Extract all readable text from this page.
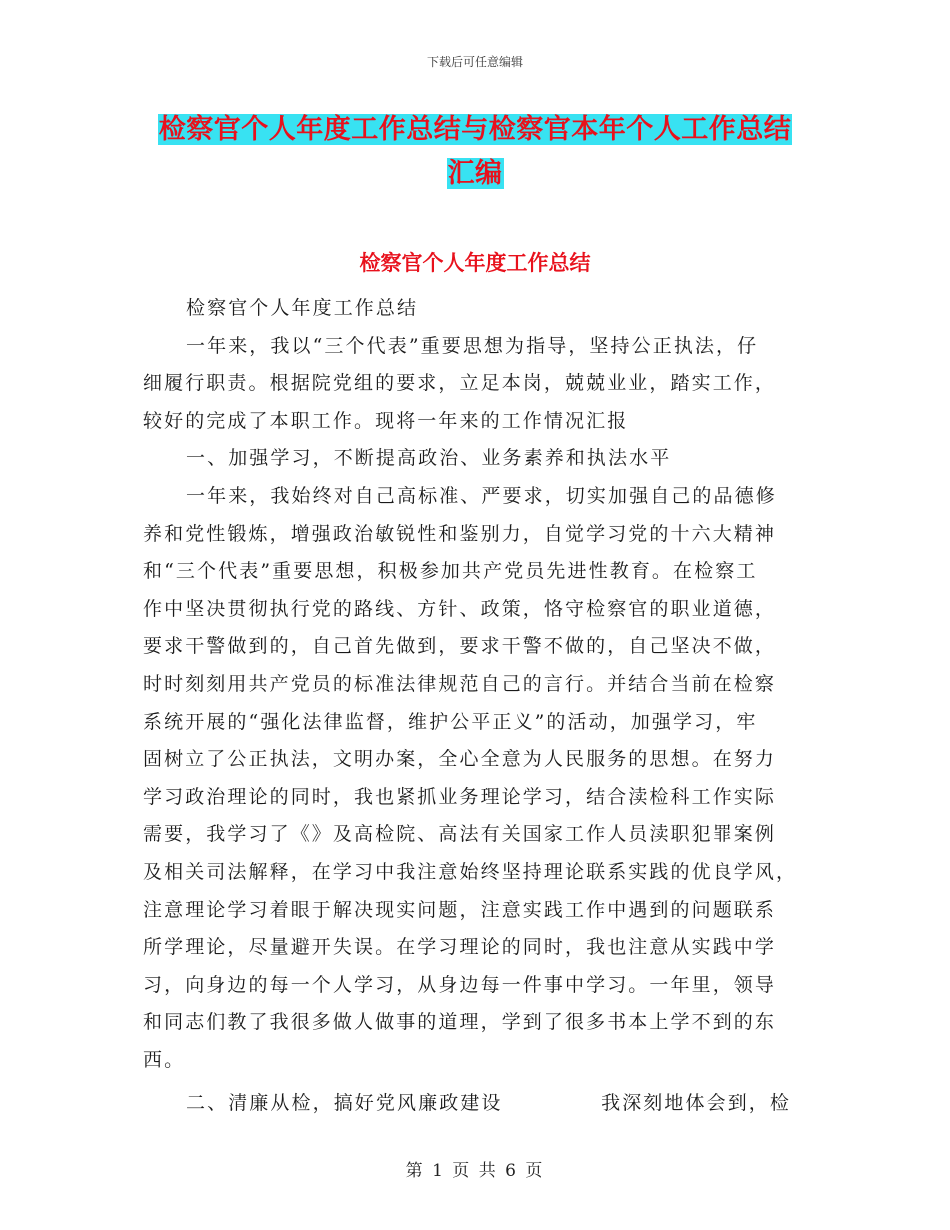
下载后可任意编辑
检察官个人年度工作总结与检察官本年个人工作总结
汇编
检察官个人年度工作总结
检察官个人年度工作总结
一年来，我以“三个代表”重要思想为指导，坚持公正执法，仔
细履行职责。根据院党组的要求，立足本岗，兢兢业业，踏实工作，
较好的完成了本职工作。现将一年来的工作情况汇报
一、加强学习，不断提高政治、业务素养和执法水平
一年来，我始终对自己高标准、严要求，切实加强自己的品德修
养和党性锻炼，增强政治敏锐性和鉴别力，自觉学习党的十六大精神
和“三个代表”重要思想，积极参加共产党员先进性教育。在检察工
作中坚决贯彻执行党的路线、方针、政策，恪守检察官的职业道德，
要求干警做到的，自己首先做到，要求干警不做的，自己坚决不做，
时时刻刻用共产党员的标准法律规范自己的言行。并结合当前在检察
系统开展的“强化法律监督，维护公平正义”的活动，加强学习，牢
固树立了公正执法，文明办案，全心全意为人民服务的思想。在努力
学习政治理论的同时，我也紧抓业务理论学习，结合渎检科工作实际
需要，我学习了《》及高检院、高法有关国家工作人员渎职犯罪案例
及相关司法解释，在学习中我注意始终坚持理论联系实践的优良学风，
注意理论学习着眼于解决现实问题，注意实践工作中遇到的问题联系
所学理论，尽量避开失误。在学习理论的同时，我也注意从实践中学
习，向身边的每一个人学习，从身边每一件事中学习。一年里，领导
和同志们教了我很多做人做事的道理，学到了很多书本上学不到的东
西。
二、清廉从检，搞好党风廉政建设	我深刻地体会到，检
第 1 页 共 6 页
